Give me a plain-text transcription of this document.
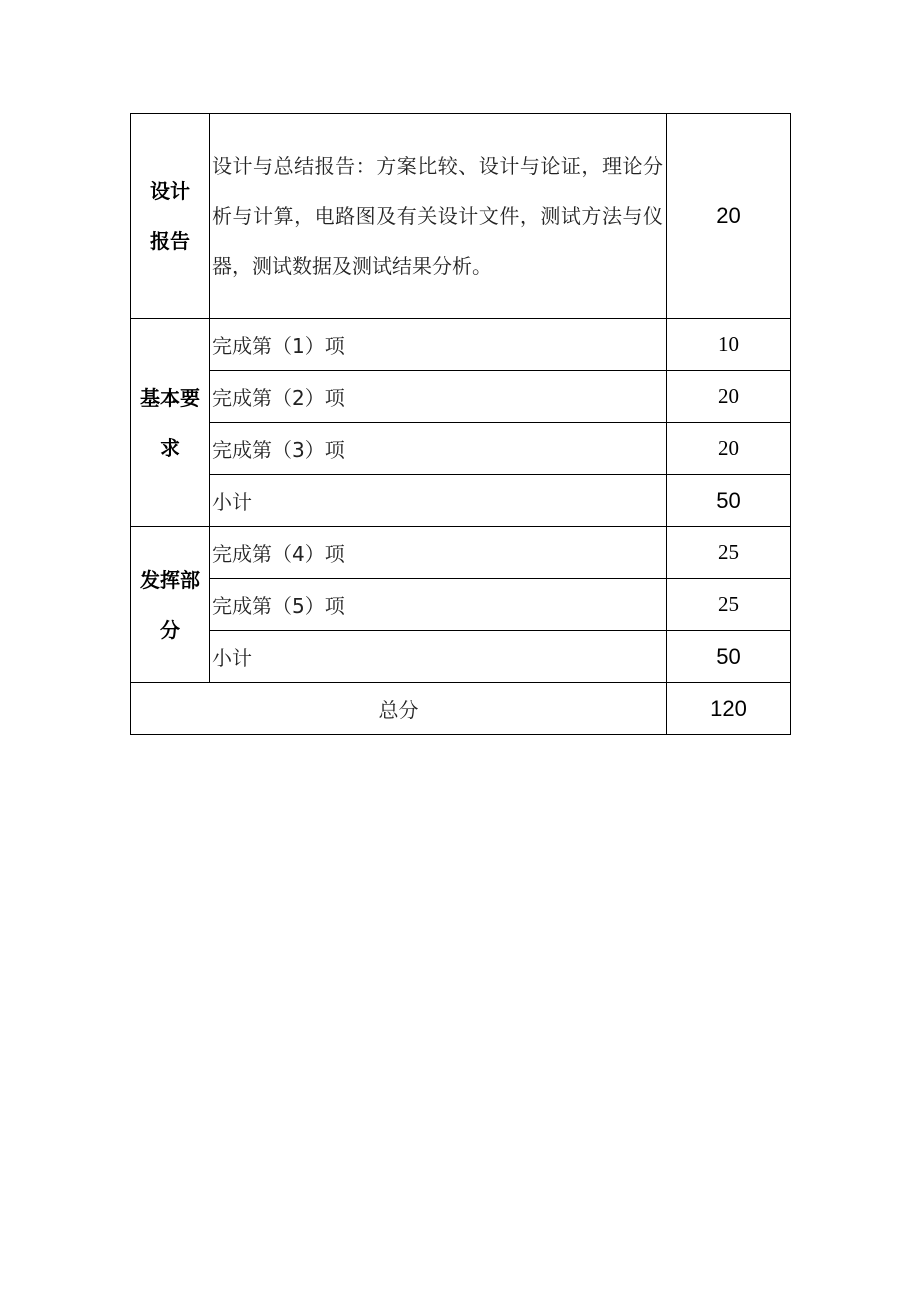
设计
报告	设计与总结报告：方案比较、设计与论证，理论分析与计算，电路图及有关设计文件，测试方法与仪器，测试数据及测试结果分析。	20

基本要
求	完成第（1）项	10
	完成第（2）项	20
	完成第（3）项	20
	小计	50

发挥部
分	完成第（4）项	25
	完成第（5）项	25
	小计	50
总分		120
